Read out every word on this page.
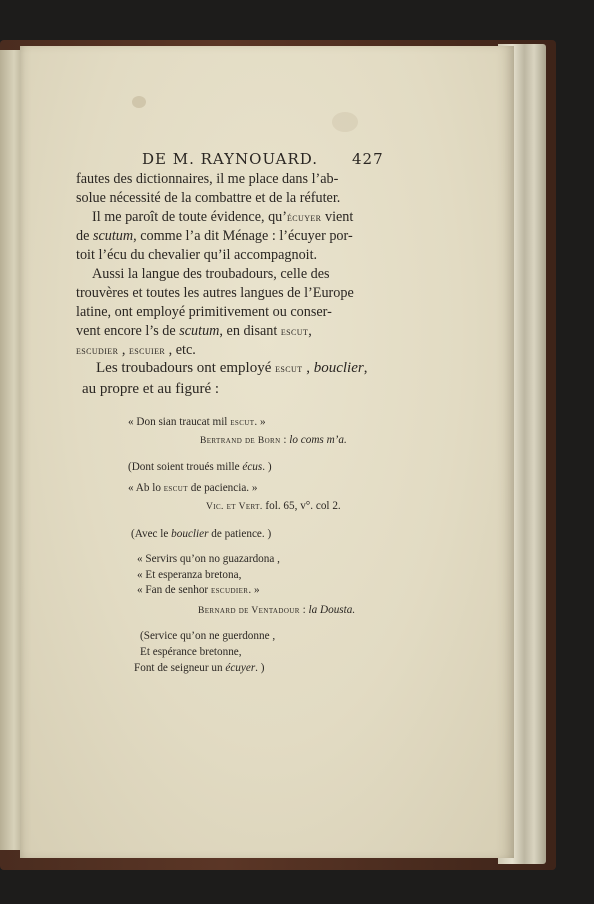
DE M. RAYNOUARD. 427

fautes des dictionnaires, il me place dans l’ab-

solue nécessité de la combattre et de la réfuter.

Il me paroît de toute évidence, qu’écuyer vient

de scutum, comme l’a dit Ménage : l’écuyer por-

toit l’écu du chevalier qu’il accompagnoit.

Aussi la langue des troubadours, celle des

trouvères et toutes les autres langues de l’Europe

latine, ont employé primitivement ou conser-

vent encore l’s de scutum, en disant escut,

escudier , escuier , etc.

Les troubadours ont employé escut , bouclier,

au propre et au figuré :

« Don sian traucat mil escut. »
Bertrand de Born : lo coms m’a.
(Dont soient troués mille écus. )
« Ab lo escut de paciencia. »
Vic. et Vert. fol. 65, v°. col 2.
(Avec le bouclier de patience. )
« Servirs qu’on no guazardona ,
« Et esperanza bretona,
« Fan de senhor escudier. »
Bernard de Ventadour : la Dousta.
(Service qu’on ne guerdonne ,
Et espérance bretonne,
Font de seigneur un écuyer. )
